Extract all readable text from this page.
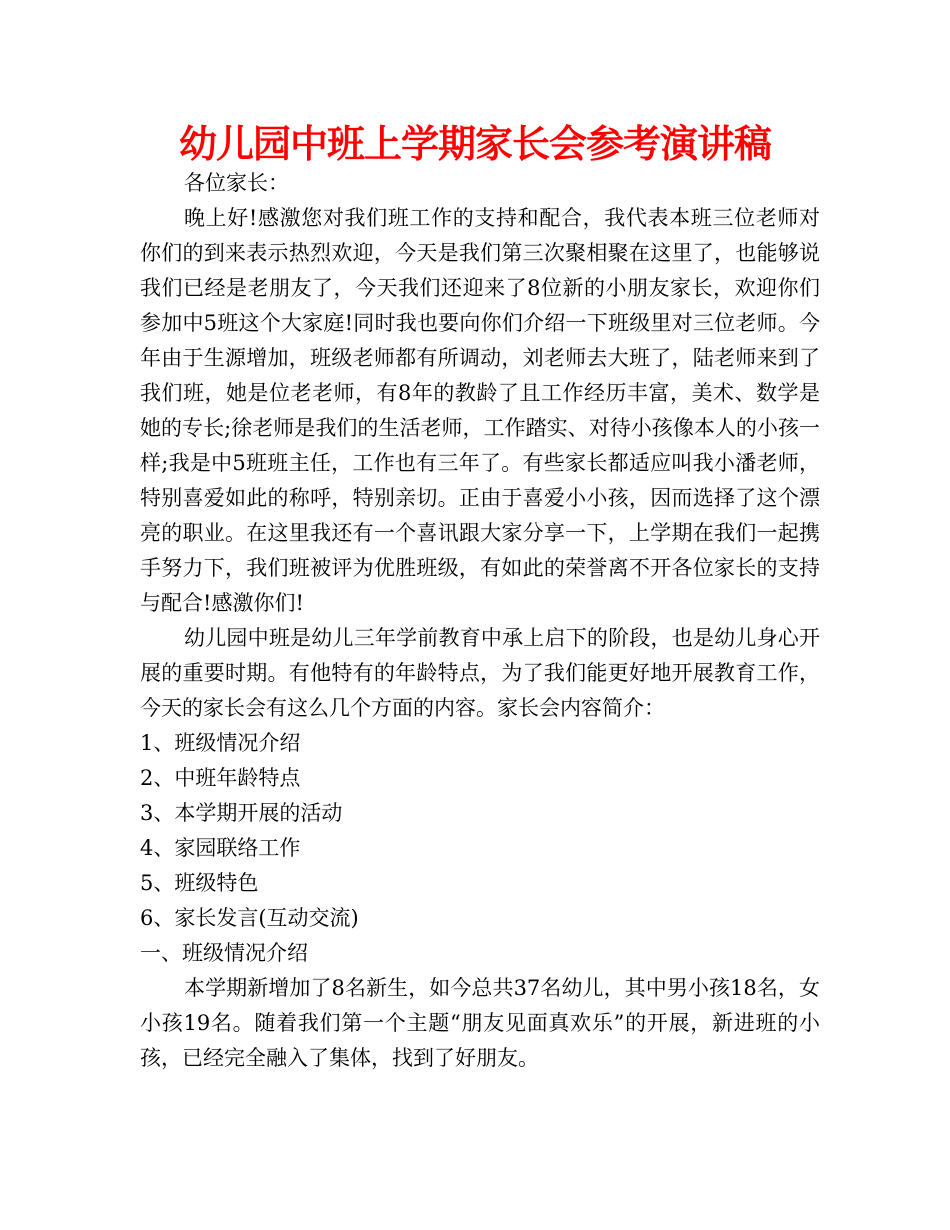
幼儿园中班上学期家长会参考演讲稿

各位家长：

晚上好!感激您对我们班工作的支持和配合，我代表本班三位老师对你们的到来表示热烈欢迎，今天是我们第三次聚相聚在这里了，也能够说我们已经是老朋友了，今天我们还迎来了8位新的小朋友家长，欢迎你们参加中5班这个大家庭!同时我也要向你们介绍一下班级里对三位老师。今年由于生源增加，班级老师都有所调动，刘老师去大班了，陆老师来到了我们班，她是位老老师，有8年的教龄了且工作经历丰富，美术、数学是她的专长;徐老师是我们的生活老师，工作踏实、对待小孩像本人的小孩一样;我是中5班班主任，工作也有三年了。有些家长都适应叫我小潘老师，特别喜爱如此的称呼，特别亲切。正由于喜爱小小孩，因而选择了这个漂亮的职业。在这里我还有一个喜讯跟大家分享一下，上学期在我们一起携手努力下，我们班被评为优胜班级，有如此的荣誉离不开各位家长的支持与配合!感激你们!

幼儿园中班是幼儿三年学前教育中承上启下的阶段，也是幼儿身心开展的重要时期。有他特有的年龄特点，为了我们能更好地开展教育工作，今天的家长会有这么几个方面的内容。家长会内容简介：

1、班级情况介绍

2、中班年龄特点

3、本学期开展的活动

4、家园联络工作

5、班级特色

6、家长发言(互动交流)

一、班级情况介绍

本学期新增加了8名新生，如今总共37名幼儿，其中男小孩18名，女小孩19名。随着我们第一个主题“朋友见面真欢乐”的开展，新进班的小孩，已经完全融入了集体，找到了好朋友。
